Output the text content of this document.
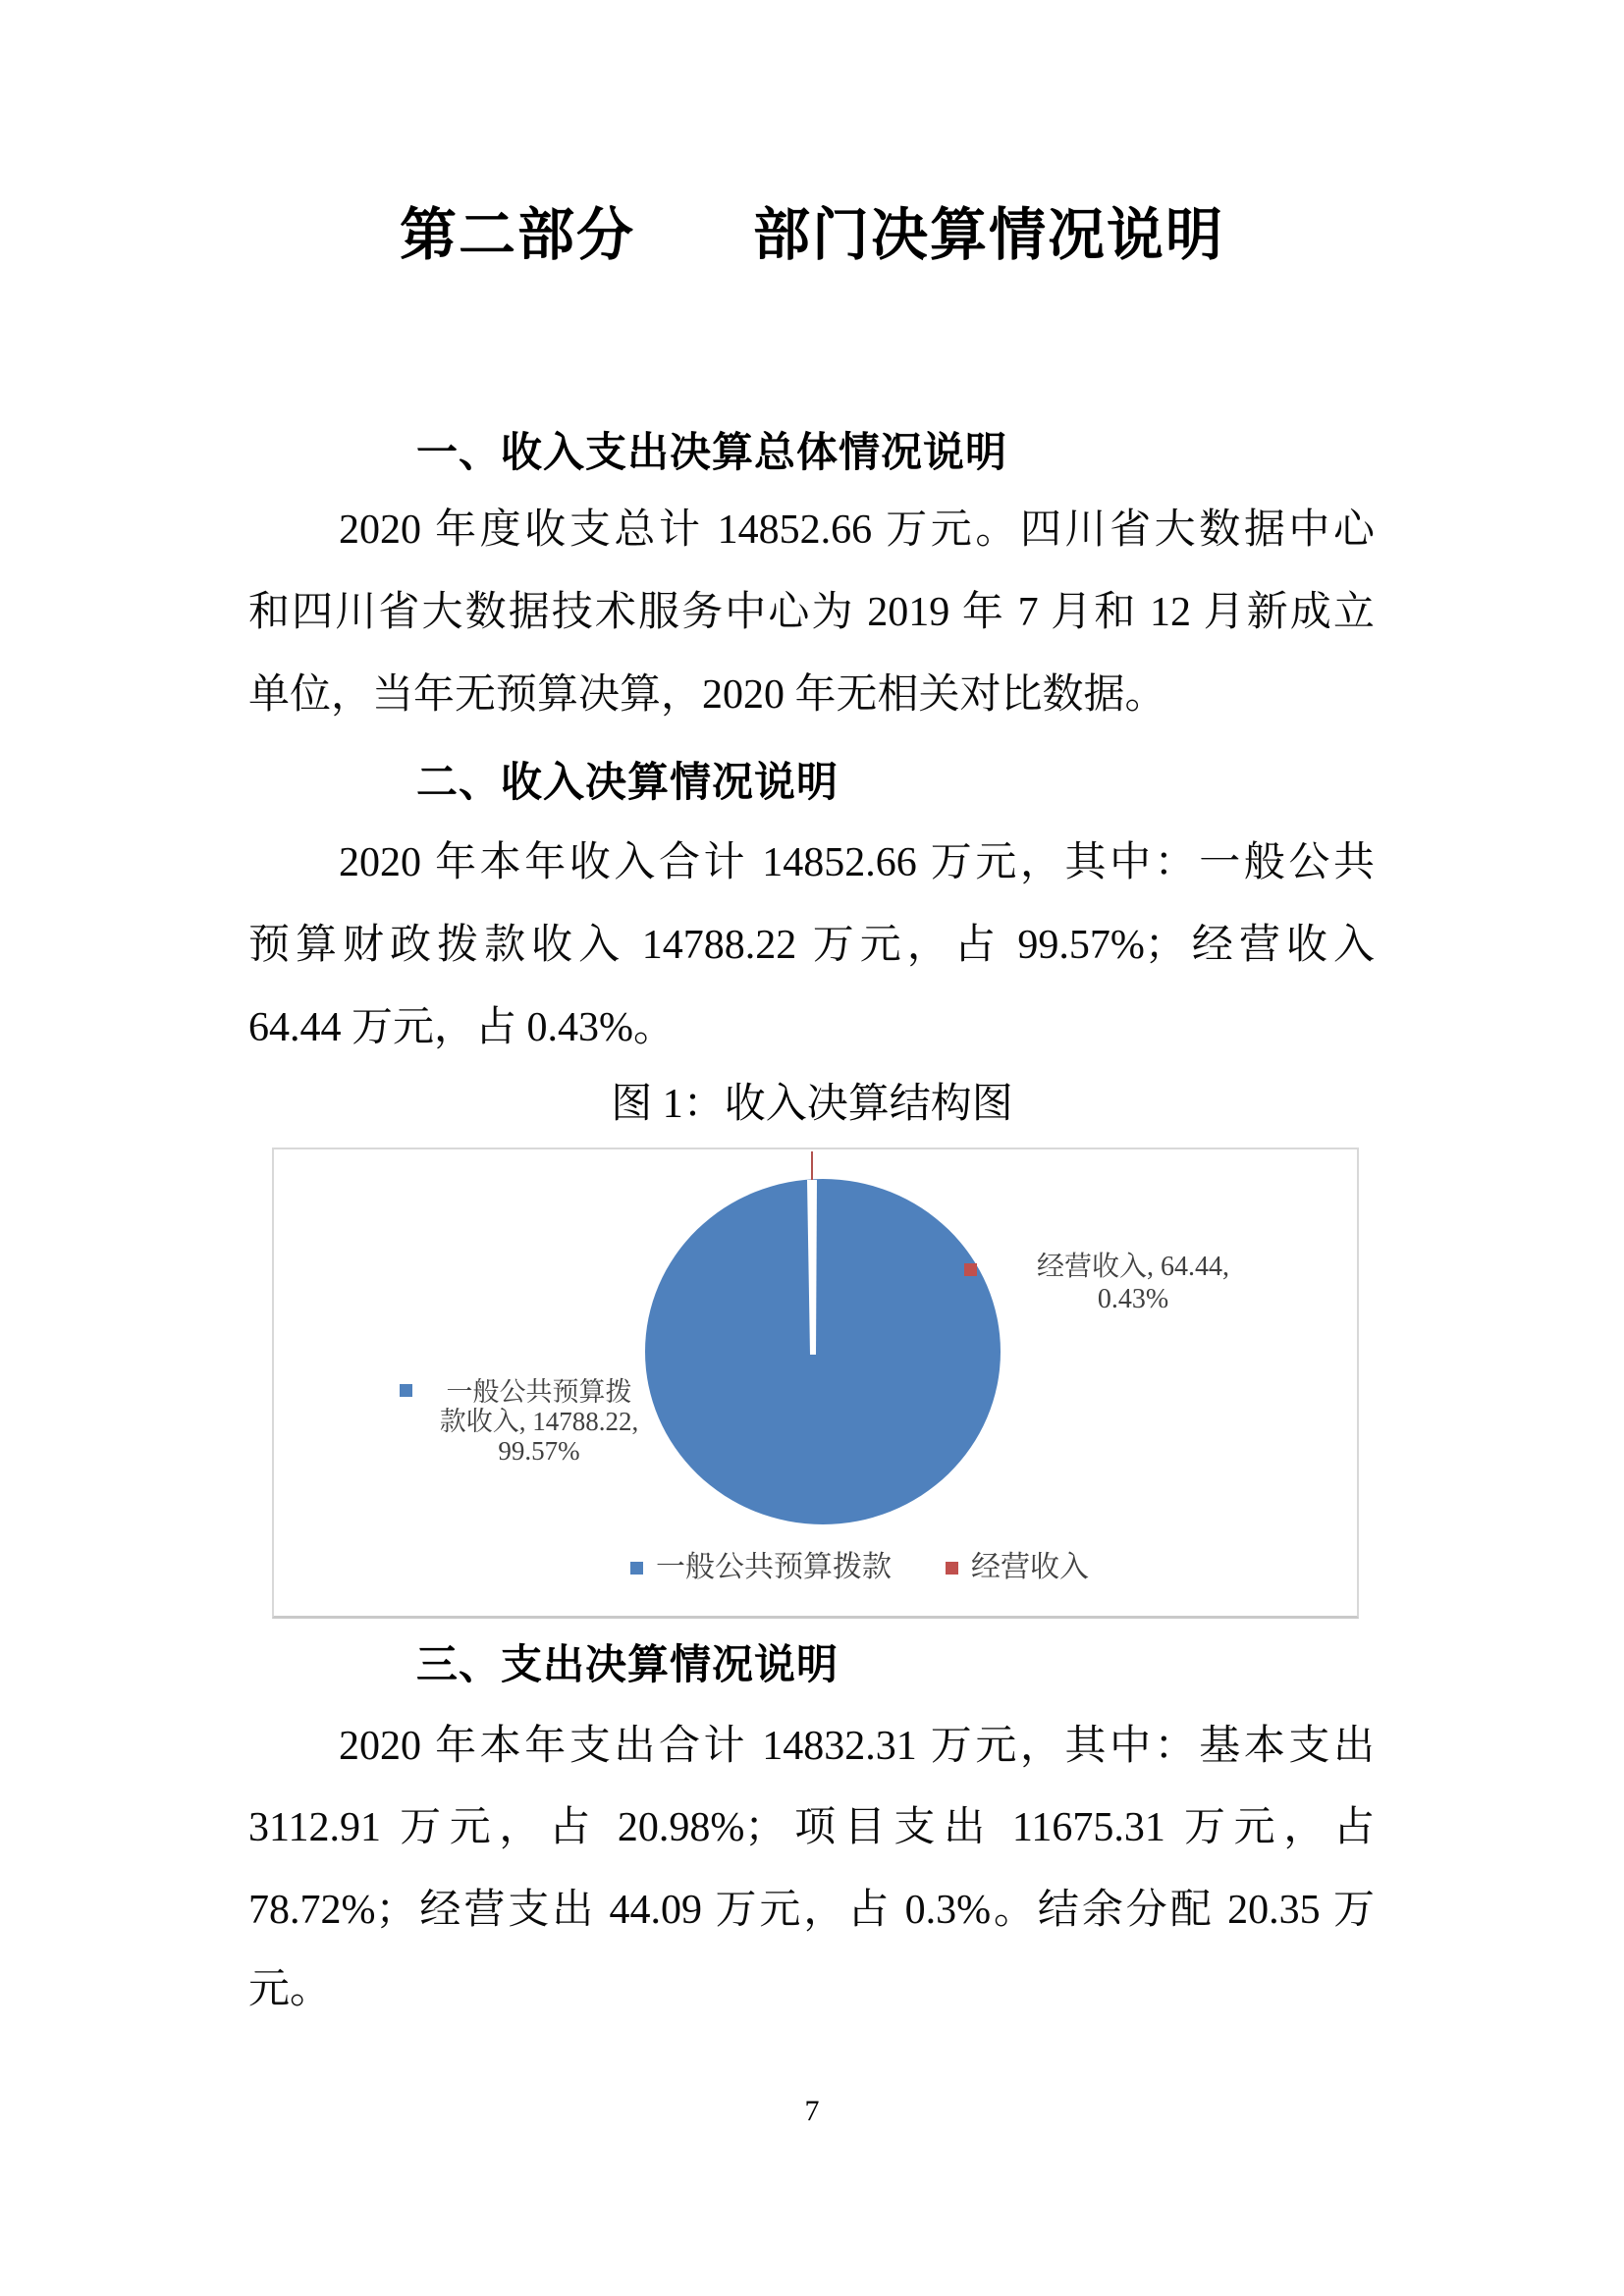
第二部分　　部门决算情况说明
一、收入支出决算总体情况说明
2020 年度收支总计 14852.66 万元。四川省大数据中心
和四川省大数据技术服务中心为 2019 年 7 月和 12 月新成立
单位，当年无预算决算，2020 年无相关对比数据。
二、收入决算情况说明
2020 年本年收入合计 14852.66 万元，其中：一般公共
预算财政拨款收入 14788.22 万元，占 99.57%；经营收入
64.44 万元，占 0.43%。
图 1：收入决算结构图
经营收入, 64.44,
0.43%
一般公共预算拨
款收入, 14788.22,
99.57%
一般公共预算拨款	经营收入
三、支出决算情况说明
2020 年本年支出合计 14832.31 万元，其中：基本支出
3112.91 万元，占 20.98%；项目支出 11675.31 万元，占
78.72%；经营支出 44.09 万元，占 0.3%。结余分配 20.35 万
元。
7
